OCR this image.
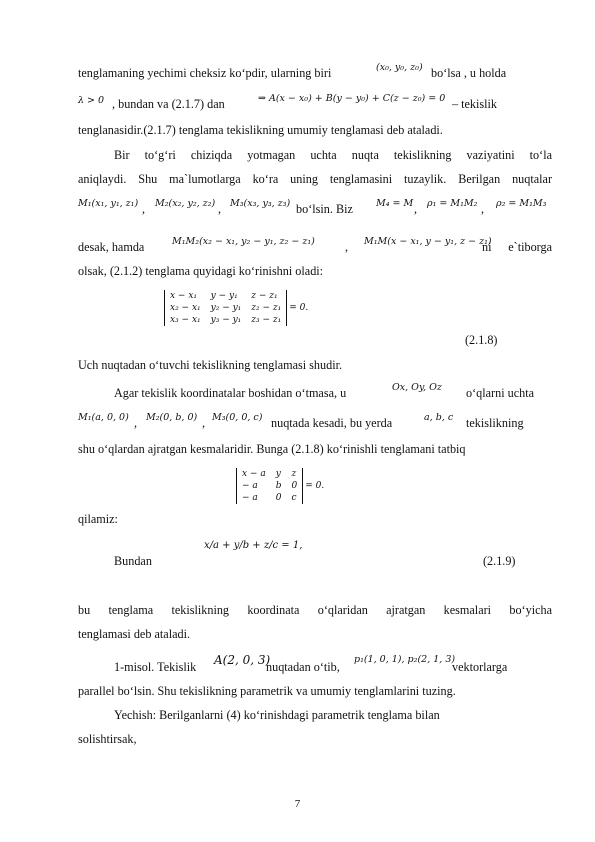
tenglamaning yechimi cheksiz ko‘pdir, ularning biri	(x₀, y₀, z₀) bo‘lsa , u holda
λ > 0 , bundan va (2.1.7) dan	⇒ A(x − x₀) + B(y − y₀) + C(z − z₀) = 0 – tekislik
tenglanasidir.(2.1.7) tenglama tekislikning umumiy tenglamasi deb ataladi.
Bir to‘g‘ri chiziqda yotmagan uchta nuqta tekislikning vaziyatini to‘la
aniqlaydi. Shu ma`lumotlarga ko‘ra uning tenglamasini tuzaylik. Berilgan nuqtalar
M₁(x₁, y₁, z₁) , M₂(x₂, y₂, z₂) , M₃(x₃, y₃, z₃) bo‘lsin. Biz M₄ = M , ρ₁ = M₁M₂ , ρ₂ = M₁M₃
desak, hamda	M₁M₂(x₂ − x₁, y₂ − y₁, z₂ − z₁) , M₁M(x − x₁, y − y₁, z − z₁)
ni e`tiborga
olsak, (2.1.2) tenglama quyidagi ko‘rinishni oladi:
x − x₁	y − y₁	z − z₁
x₂ − x₁	y₂ − y₁	z₂ − z₁
x₃ − x₁	y₃ − y₁	z₃ − z₁
	= 0.
(2.1.8)
Uch nuqtadan o‘tuvchi tekislikning tenglamasi shudir.
Agar tekislik koordinatalar boshidan o‘tmasa, u	Ox, Oy, Oz o‘qlarni uchta
M₁(a, 0, 0) , M₂(0, b, 0) , M₃(0, 0, c) nuqtada kesadi, bu yerda	a, b, c tekislikning
shu o‘qlardan ajratgan kesmalaridir. Bunga (2.1.8) ko‘rinishli tenglamani tatbiq
x − a	y	z
− a	b	0
− a	0	c
	= 0.
qilamiz:
Bundan
x/a + y/b + z/c = 1,
(2.1.9)
bu tenglama tekislikning koordinata o‘qlaridan ajratgan kesmalari bo‘yicha
tenglamasi deb ataladi.
1-misol. Tekislik A(2, 0, 3)
nuqtadan o‘tib,
p₁(1, 0, 1), p₂(2, 1, 3)
vektorlarga
parallel bo‘lsin. Shu tekislikning parametrik va umumiy tenglamlarini tuzing.
Yechish: Berilganlarni (4) ko‘rinishdagi parametrik tenglama bilan
solishtirsak,
7
